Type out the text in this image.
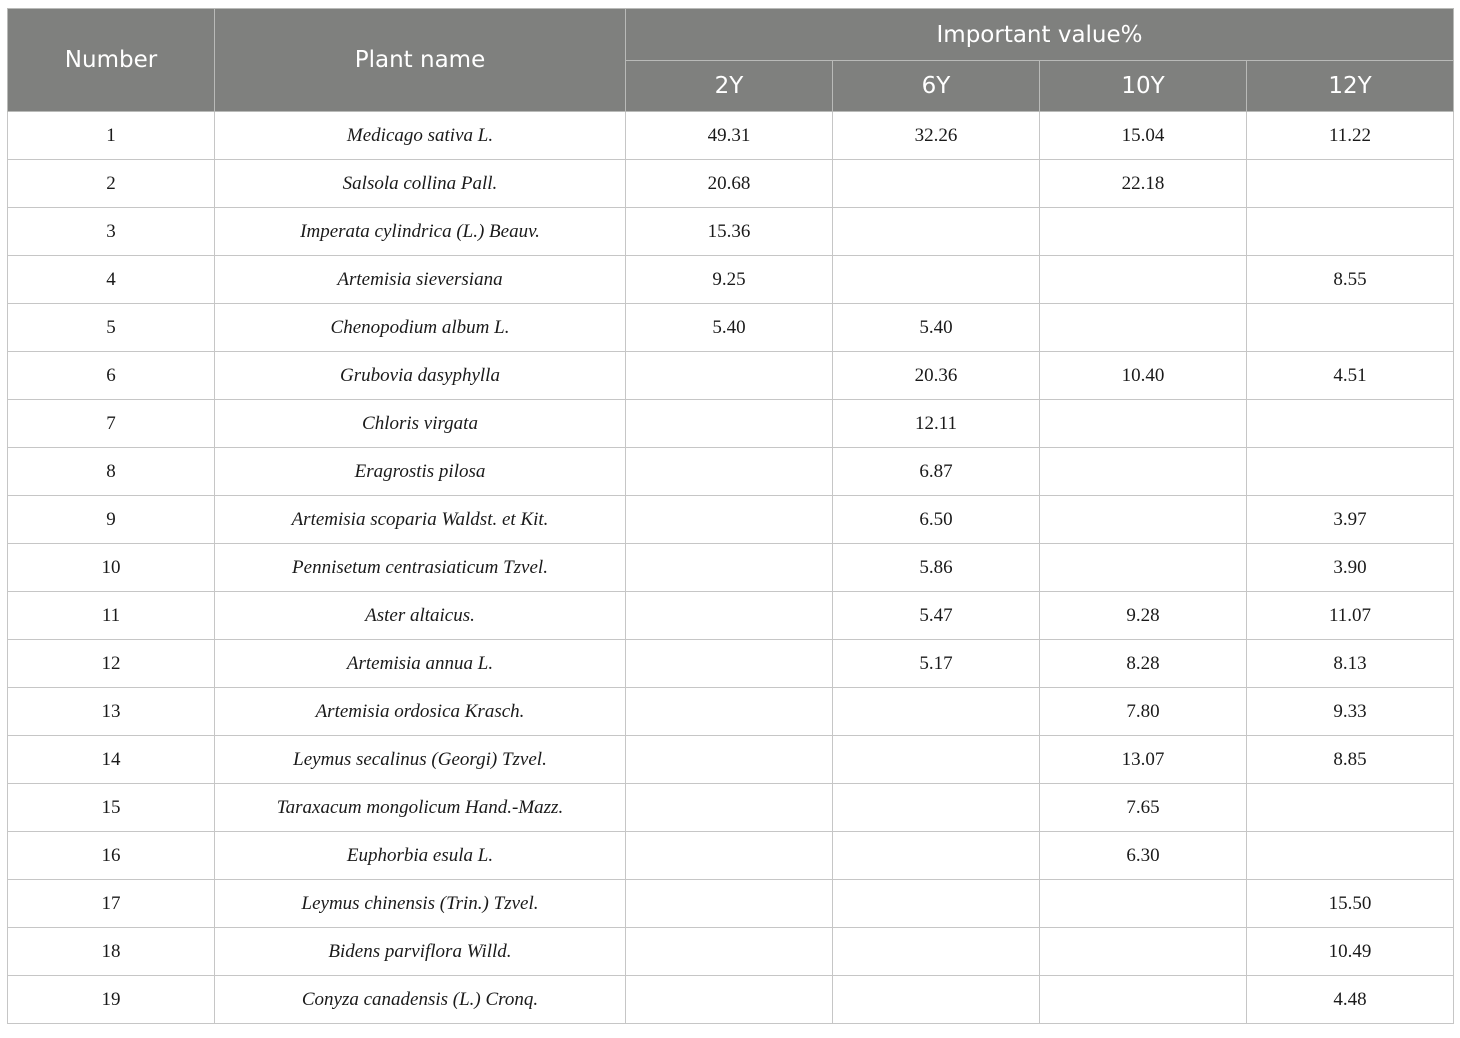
Number	Plant name	Important value%			
		2Y	6Y	10Y	12Y
1	Medicago sativa L.	49.31	32.26	15.04	11.22
2	Salsola collina Pall.	20.68		22.18	
3	Imperata cylindrica (L.) Beauv.	15.36			
4	Artemisia sieversiana	9.25			8.55
5	Chenopodium album L.	5.40	5.40		
6	Grubovia dasyphylla		20.36	10.40	4.51
7	Chloris virgata		12.11		
8	Eragrostis pilosa		6.87		
9	Artemisia scoparia Waldst. et Kit.		6.50		3.97
10	Pennisetum centrasiaticum Tzvel.		5.86		3.90
11	Aster altaicus.		5.47	9.28	11.07
12	Artemisia annua L.		5.17	8.28	8.13
13	Artemisia ordosica Krasch.			7.80	9.33
14	Leymus secalinus (Georgi) Tzvel.			13.07	8.85
15	Taraxacum mongolicum Hand.-Mazz.			7.65	
16	Euphorbia esula L.			6.30	
17	Leymus chinensis (Trin.) Tzvel.				15.50
18	Bidens parviflora Willd.				10.49
19	Conyza canadensis (L.) Cronq.				4.48
